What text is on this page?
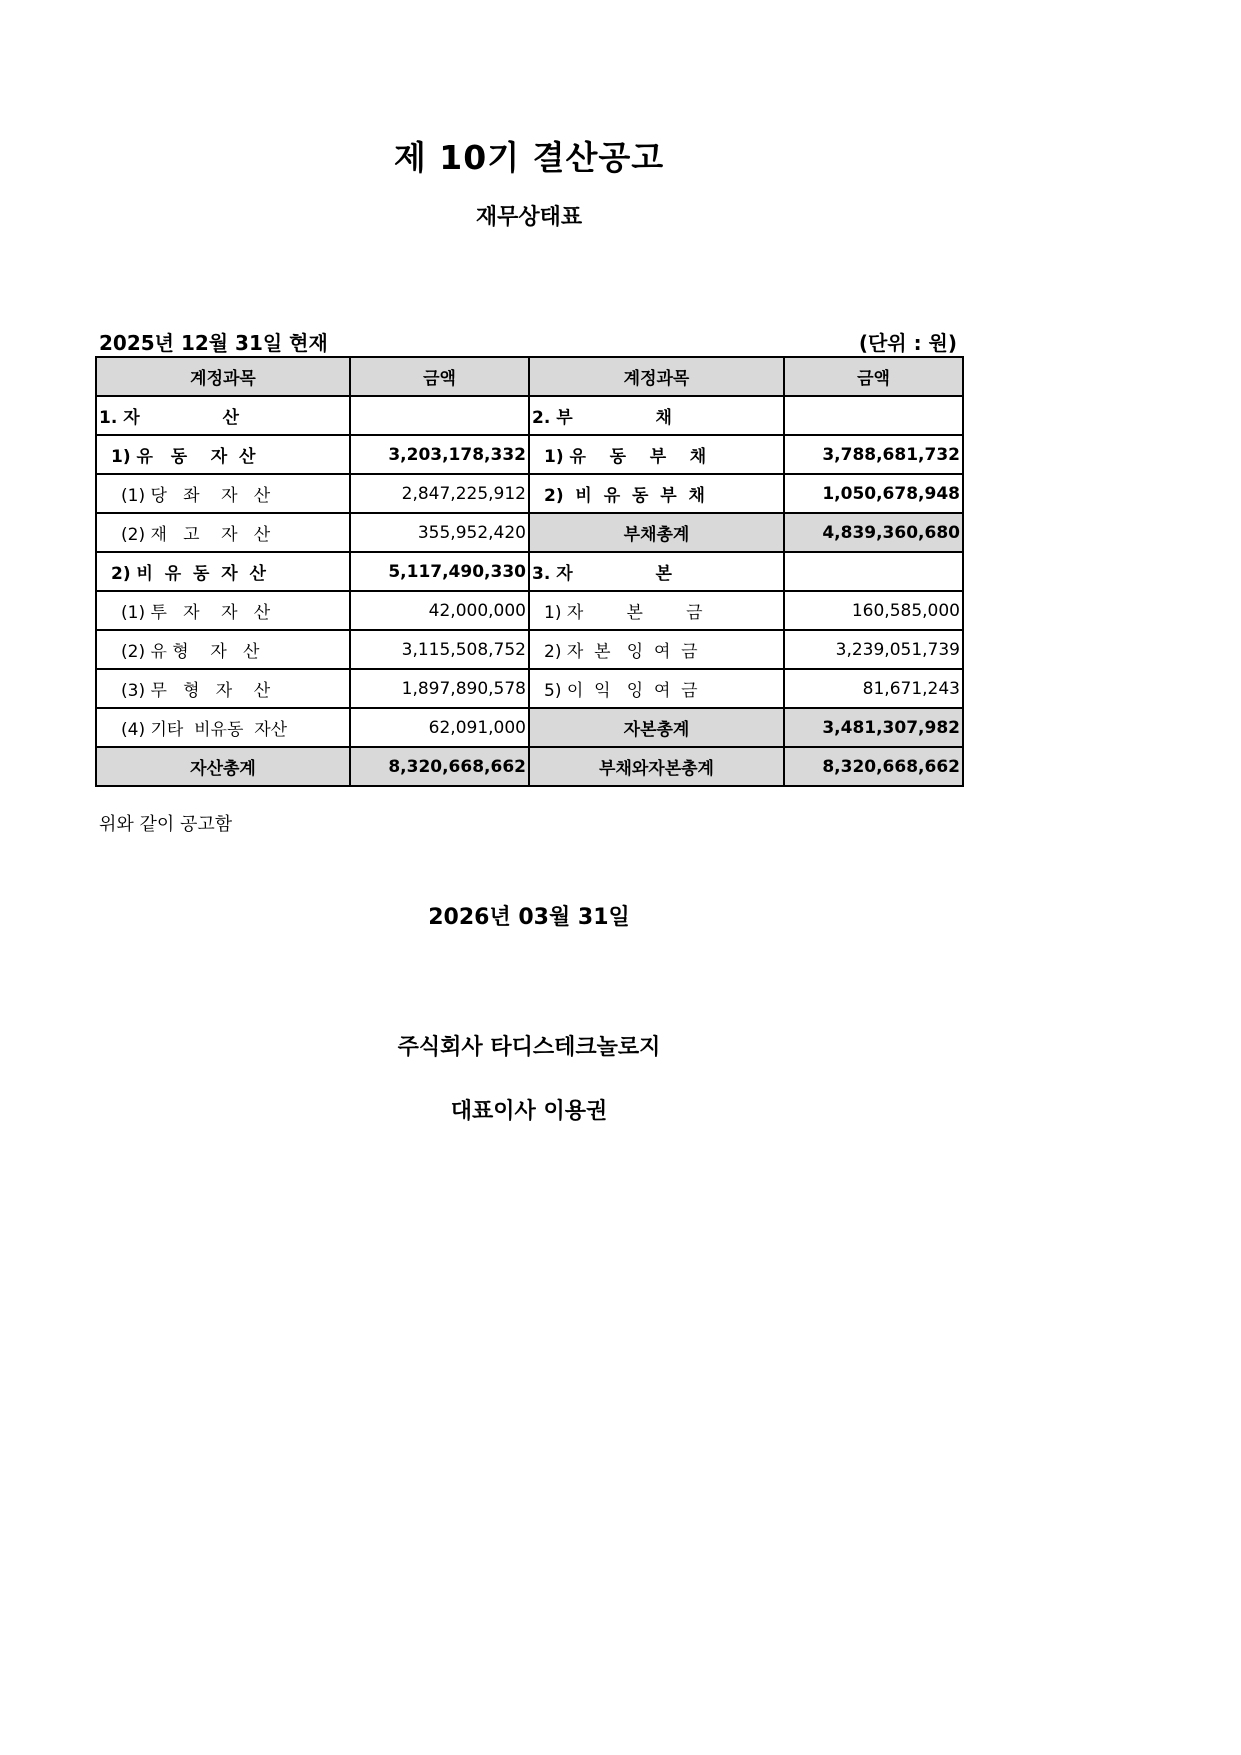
제 10기 결산공고
재무상태표
2025년 12월 31일 현재	(단위 : 원)
계정과목	금액	계정과목	금액
1. 자              산		2. 부              채	
1) 유   동    자  산	3,203,178,332	1) 유    동    부    채	3,788,681,732
(1) 당   좌    자   산	2,847,225,912	2)  비  유  동  부  채	1,050,678,948
(2) 재   고    자   산	355,952,420	부채총계	4,839,360,680
2) 비  유  동  자  산	5,117,490,330	3. 자              본	
(1) 투   자    자   산	42,000,000	1) 자        본        금	160,585,000
(2) 유 형    자   산	3,115,508,752	2) 자  본   잉  여  금	3,239,051,739
(3) 무   형   자    산	1,897,890,578	5) 이  익   잉  여  금	81,671,243
(4) 기타  비유동  자산	62,091,000	자본총계	3,481,307,982
자산총계	8,320,668,662	부채와자본총계	8,320,668,662
위와 같이 공고함
2026년 03월 31일
주식회사 타디스테크놀로지
대표이사 이용권
